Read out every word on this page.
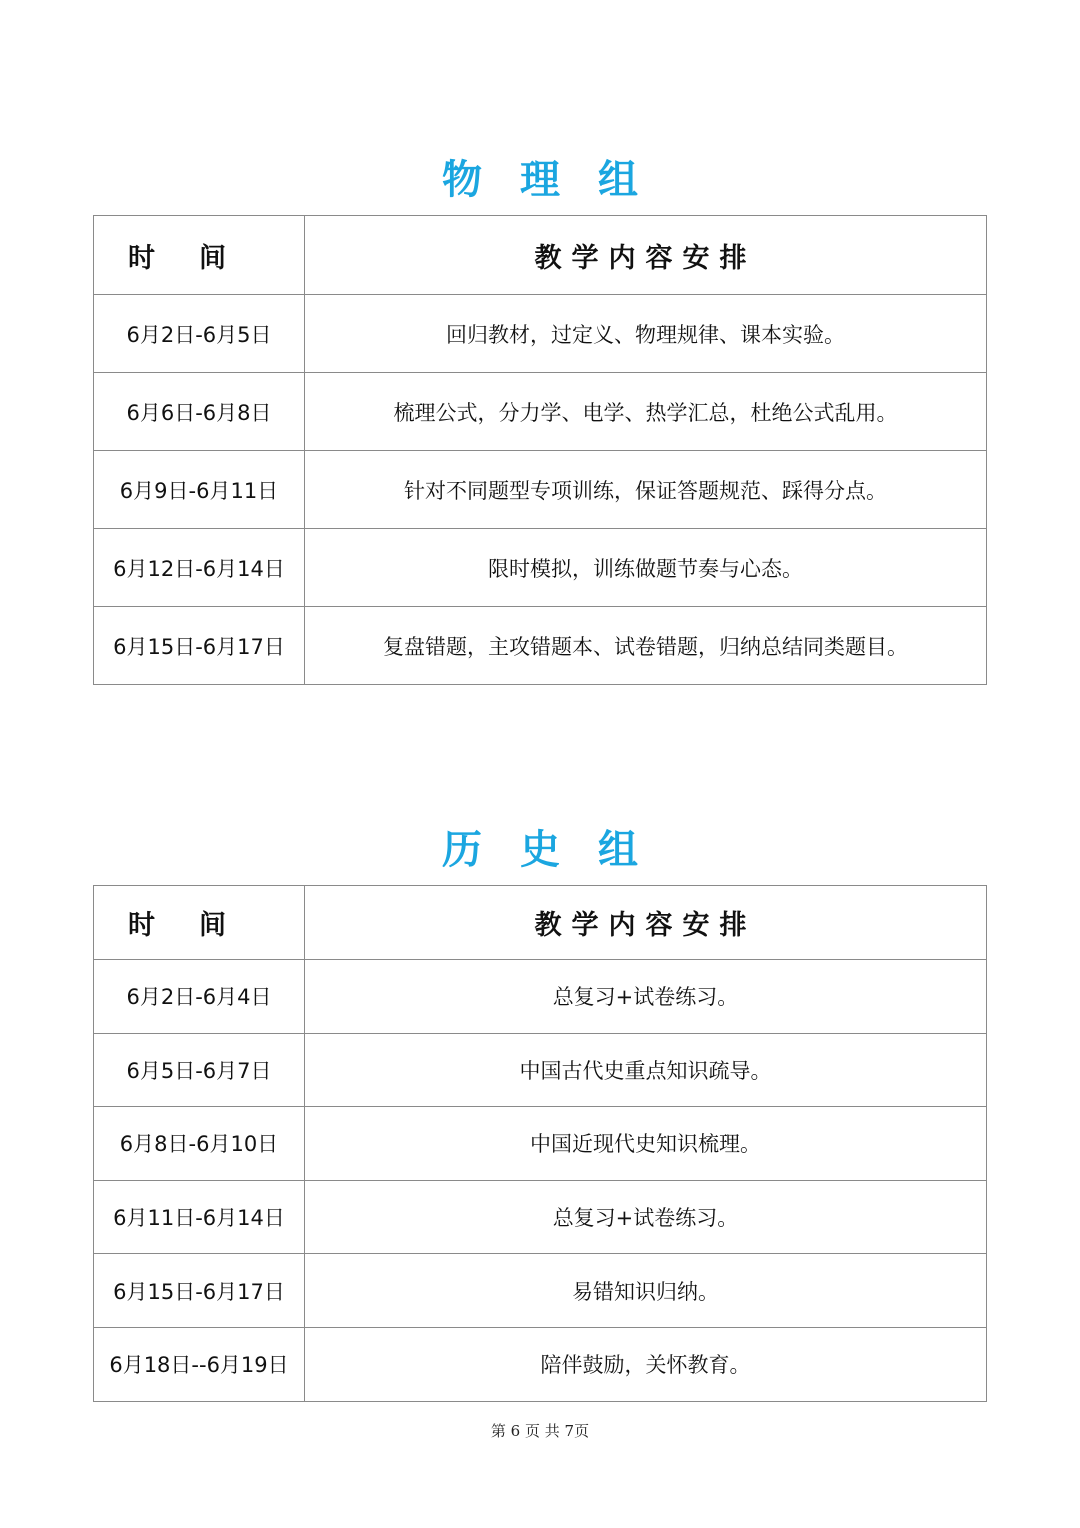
物理组
时间	教学内容安排
6月2日-6月5日	回归教材，过定义、物理规律、课本实验。
6月6日-6月8日	梳理公式，分力学、电学、热学汇总，杜绝公式乱用。
6月9日-6月11日	针对不同题型专项训练，保证答题规范、踩得分点。
6月12日-6月14日	限时模拟，训练做题节奏与心态。
6月15日-6月17日	复盘错题，主攻错题本、试卷错题，归纳总结同类题目。
历史组
时间	教学内容安排
6月2日-6月4日	总复习+试卷练习。
6月5日-6月7日	中国古代史重点知识疏导。
6月8日-6月10日	中国近现代史知识梳理。
6月11日-6月14日	总复习+试卷练习。
6月15日-6月17日	易错知识归纳。
6月18日--6月19日	陪伴鼓励，关怀教育。
第 6 页 共 7页
